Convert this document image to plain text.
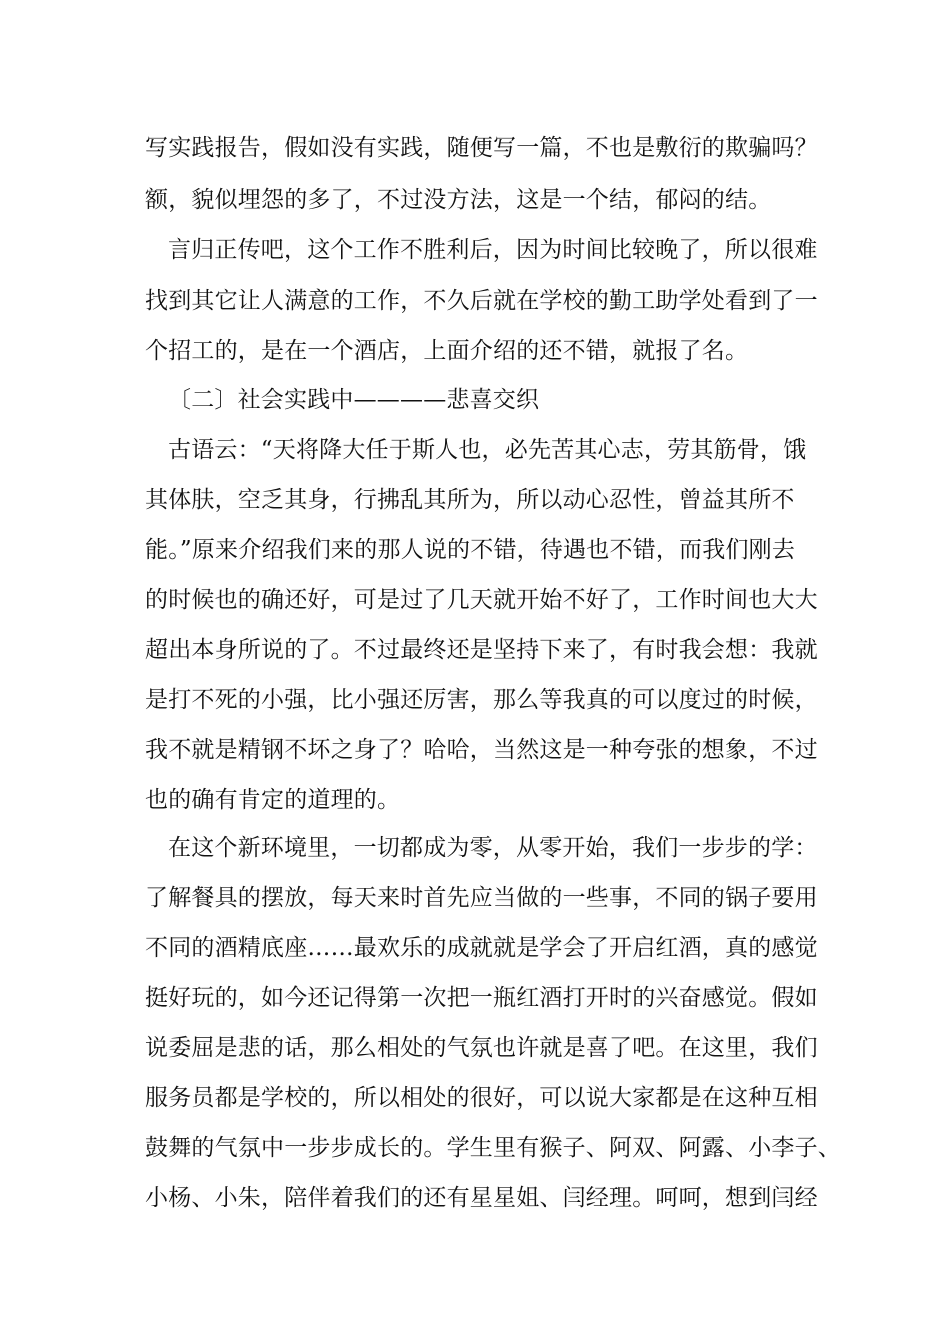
写实践报告，假如没有实践，随便写一篇，不也是敷衍的欺骗吗？
额，貌似埋怨的多了，不过没方法，这是一个结，郁闷的结。
言归正传吧，这个工作不胜利后，因为时间比较晚了，所以很难
找到其它让人满意的工作，不久后就在学校的勤工助学处看到了一
个招工的，是在一个酒店，上面介绍的还不错，就报了名。
〔二〕社会实践中————悲喜交织
古语云：“天将降大任于斯人也，必先苦其心志，劳其筋骨，饿
其体肤，空乏其身，行拂乱其所为，所以动心忍性，曾益其所不
能。”原来介绍我们来的那人说的不错，待遇也不错，而我们刚去
的时候也的确还好，可是过了几天就开始不好了，工作时间也大大
超出本身所说的了。不过最终还是坚持下来了，有时我会想：我就
是打不死的小强，比小强还厉害，那么等我真的可以度过的时候，
我不就是精钢不坏之身了？哈哈，当然这是一种夸张的想象，不过
也的确有肯定的道理的。
在这个新环境里，一切都成为零，从零开始，我们一步步的学：
了解餐具的摆放，每天来时首先应当做的一些事，不同的锅子要用
不同的酒精底座……最欢乐的成就就是学会了开启红酒，真的感觉
挺好玩的，如今还记得第一次把一瓶红酒打开时的兴奋感觉。假如
说委屈是悲的话，那么相处的气氛也许就是喜了吧。在这里，我们
服务员都是学校的，所以相处的很好，可以说大家都是在这种互相
鼓舞的气氛中一步步成长的。学生里有猴子、阿双、阿露、小李子、
小杨、小朱，陪伴着我们的还有星星姐、闫经理。呵呵，想到闫经
